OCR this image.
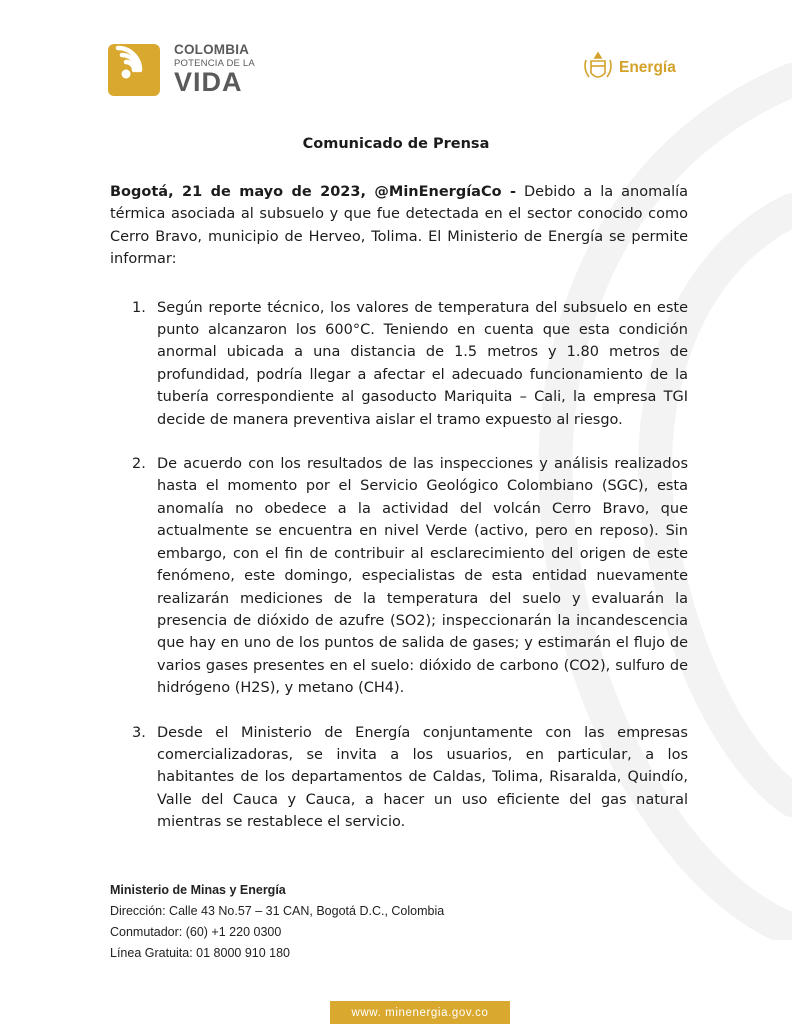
COLOMBIA
POTENCIA DE LA
VIDA	Energía
Comunicado de Prensa

Bogotá, 21 de mayo de 2023, @MinEnergíaCo - Debido a la anomalía térmica asociada al subsuelo y que fue detectada en el sector conocido como Cerro Bravo, municipio de Herveo, Tolima. El Ministerio de Energía se permite informar:

1. Según reporte técnico, los valores de temperatura del subsuelo en este punto alcanzaron los 600°C. Teniendo en cuenta que esta condición anormal ubicada a una distancia de 1.5 metros y 1.80 metros de profundidad, podría llegar a afectar el adecuado funcionamiento de la tubería correspondiente al gasoducto Mariquita – Cali, la empresa TGI decide de manera preventiva aislar el tramo expuesto al riesgo.
2. De acuerdo con los resultados de las inspecciones y análisis realizados hasta el momento por el Servicio Geológico Colombiano (SGC), esta anomalía no obedece a la actividad del volcán Cerro Bravo, que actualmente se encuentra en nivel Verde (activo, pero en reposo). Sin embargo, con el fin de contribuir al esclarecimiento del origen de este fenómeno, este domingo, especialistas de esta entidad nuevamente realizarán mediciones de la temperatura del suelo y evaluarán la presencia de dióxido de azufre (SO2); inspeccionarán la incandescencia que hay en uno de los puntos de salida de gases; y estimarán el flujo de varios gases presentes en el suelo: dióxido de carbono (CO2), sulfuro de hidrógeno (H2S), y metano (CH4).
3. Desde el Ministerio de Energía conjuntamente con las empresas comercializadoras, se invita a los usuarios, en particular, a los habitantes de los departamentos de Caldas, Tolima, Risaralda, Quindío, Valle del Cauca y Cauca, a hacer un uso eficiente del gas natural mientras se restablece el servicio.
Ministerio de Minas y Energía
Dirección: Calle 43 No.57 – 31 CAN, Bogotá D.C., Colombia
Conmutador: (60) +1 220 0300
Línea Gratuita: 01 8000 910 180
www. minenergia.gov.co
